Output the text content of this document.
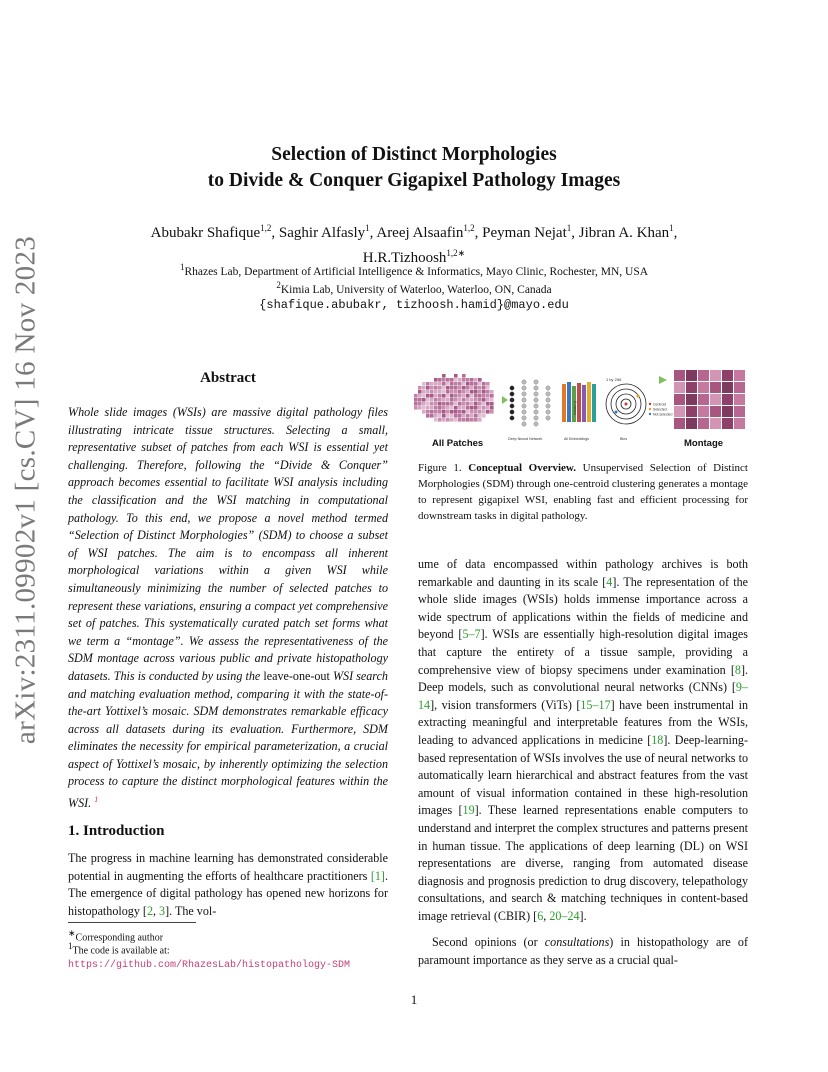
arXiv:2311.09902v1 [cs.CV] 16 Nov 2023
Selection of Distinct Morphologies
to Divide & Conquer Gigapixel Pathology Images
Abubakr Shafique$^{1,2}$, Saghir Alfasly$^1$, Areej Alsaafin$^{1,2}$, Peyman Nejat$^1$, Jibran A. Khan$^1$,
H.R.Tizhoosh$^{1,2∗}$
$^1$Rhazes Lab, Department of Artificial Intelligence & Informatics, Mayo Clinic, Rochester, MN, USA
$^2$Kimia Lab, University of Waterloo, Waterloo, ON, Canada
{shafique.abubakr, tizhoosh.hamid}@mayo.edu
Abstract
Whole slide images (WSIs) are massive digital pathology files illustrating intricate tissue structures. Selecting a small, representative subset of patches from each WSI is essential yet challenging. Therefore, following the “Divide & Conquer” approach becomes essential to facilitate WSI analysis including the classification and the WSI matching in computational pathology. To this end, we propose a novel method termed “Selection of Distinct Morphologies” (SDM) to choose a subset of WSI patches. The aim is to encompass all inherent morphological variations within a given WSI while simultaneously minimizing the number of selected patches to represent these variations, ensuring a compact yet comprehensive set of patches. This systematically curated patch set forms what we term a “montage”. We assess the representativeness of the SDM montage across various public and private histopathology datasets. This is conducted by using the leave-one-out WSI search and matching evaluation method, comparing it with the state-of-the-art Yottixel’s mosaic. SDM demonstrates remarkable efficacy across all datasets during its evaluation. Furthermore, SDM eliminates the necessity for empirical parameterization, a crucial aspect of Yottixel’s mosaic, by inherently optimizing the selection process to capture the distinct morphological features within the WSI. $^1$
1. Introduction
The progress in machine learning has demonstrated considerable potential in augmenting the efforts of healthcare practitioners [1]. The emergence of digital pathology has opened new horizons for histopathology [2, 3]. The vol-
∗Corresponding author
$^1$The code is available at: https://github.com/RhazesLab/histopathology-SDM
K-means
1 by 256
Centroid
Selected
Not selected
All Patches	Deep Neural Network	All Embeddings	Bins	Montage
Figure 1. Conceptual Overview. Unsupervised Selection of Distinct Morphologies (SDM) through one-centroid clustering generates a montage to represent gigapixel WSI, enabling fast and efficient processing for downstream tasks in digital pathology.
ume of data encompassed within pathology archives is both remarkable and daunting in its scale [4]. The representation of the whole slide images (WSIs) holds immense importance across a wide spectrum of applications within the fields of medicine and beyond [5–7]. WSIs are essentially high-resolution digital images that capture the entirety of a tissue sample, providing a comprehensive view of biopsy specimens under examination [8]. Deep models, such as convolutional neural networks (CNNs) [9–14], vision transformers (ViTs) [15–17] have been instrumental in extracting meaningful and interpretable features from the WSIs, leading to advanced applications in medicine [18]. Deep-learning-based representation of WSIs involves the use of neural networks to automatically learn hierarchical and abstract features from the vast amount of visual information contained in these high-resolution images [19]. These learned representations enable computers to understand and interpret the complex structures and patterns present in human tissue. The applications of deep learning (DL) on WSI representations are diverse, ranging from automated disease diagnosis and prognosis prediction to drug discovery, telepathology consultations, and search & matching techniques in content-based image retrieval (CBIR) [6, 20–24].
Second opinions (or consultations) in histopathology are of paramount importance as they serve as a crucial qual-
1
